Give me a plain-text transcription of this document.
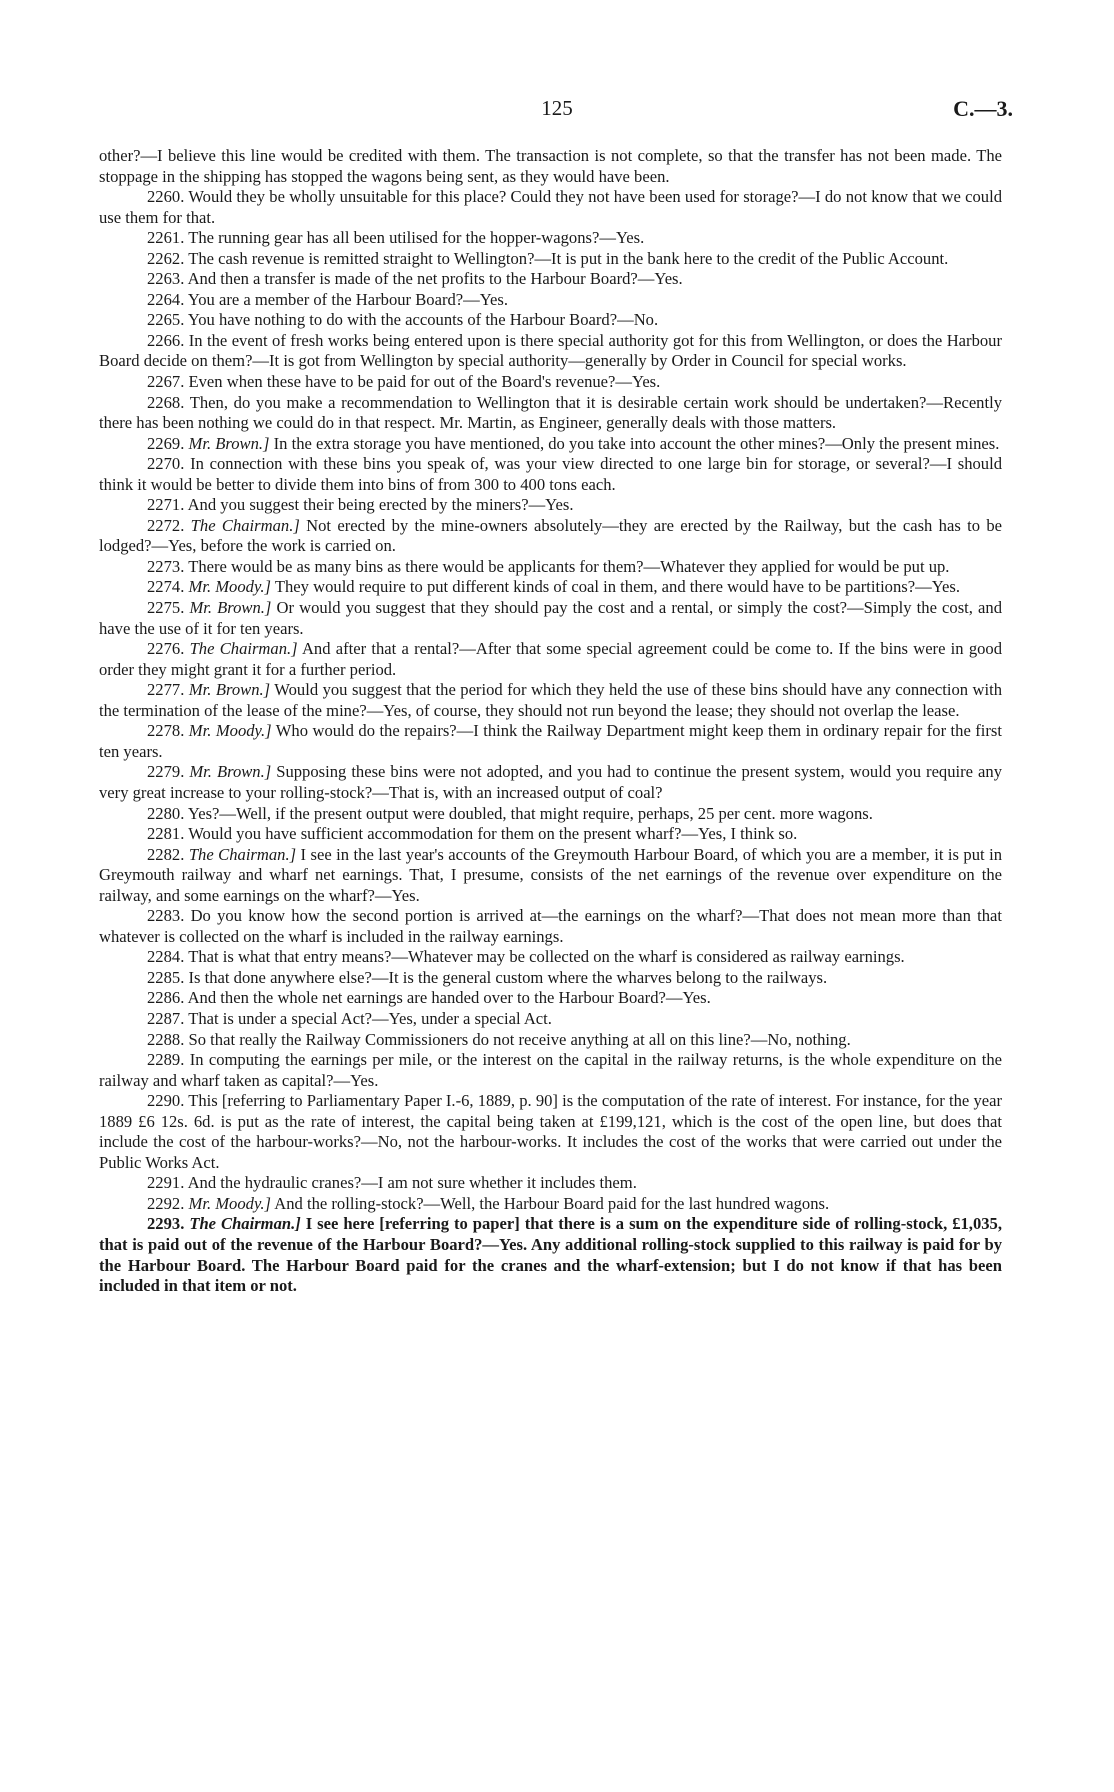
125	C.—3.

other?—I believe this line would be credited with them. The transaction is not complete, so that the transfer has not been made. The stoppage in the shipping has stopped the wagons being sent, as they would have been.

2260. Would they be wholly unsuitable for this place? Could they not have been used for storage?—I do not know that we could use them for that.

2261. The running gear has all been utilised for the hopper-wagons?—Yes.

2262. The cash revenue is remitted straight to Wellington?—It is put in the bank here to the credit of the Public Account.

2263. And then a transfer is made of the net profits to the Harbour Board?—Yes.

2264. You are a member of the Harbour Board?—Yes.

2265. You have nothing to do with the accounts of the Harbour Board?—No.

2266. In the event of fresh works being entered upon is there special authority got for this from Wellington, or does the Harbour Board decide on them?—It is got from Wellington by special authority—generally by Order in Council for special works.

2267. Even when these have to be paid for out of the Board's revenue?—Yes.

2268. Then, do you make a recommendation to Wellington that it is desirable certain work should be undertaken?—Recently there has been nothing we could do in that respect. Mr. Martin, as Engineer, generally deals with those matters.

2269. Mr. Brown.] In the extra storage you have mentioned, do you take into account the other mines?—Only the present mines.

2270. In connection with these bins you speak of, was your view directed to one large bin for storage, or several?—I should think it would be better to divide them into bins of from 300 to 400 tons each.

2271. And you suggest their being erected by the miners?—Yes.

2272. The Chairman.] Not erected by the mine-owners absolutely—they are erected by the Railway, but the cash has to be lodged?—Yes, before the work is carried on.

2273. There would be as many bins as there would be applicants for them?—Whatever they applied for would be put up.

2274. Mr. Moody.] They would require to put different kinds of coal in them, and there would have to be partitions?—Yes.

2275. Mr. Brown.] Or would you suggest that they should pay the cost and a rental, or simply the cost?—Simply the cost, and have the use of it for ten years.

2276. The Chairman.] And after that a rental?—After that some special agreement could be come to. If the bins were in good order they might grant it for a further period.

2277. Mr. Brown.] Would you suggest that the period for which they held the use of these bins should have any connection with the termination of the lease of the mine?—Yes, of course, they should not run beyond the lease; they should not overlap the lease.

2278. Mr. Moody.] Who would do the repairs?—I think the Railway Department might keep them in ordinary repair for the first ten years.

2279. Mr. Brown.] Supposing these bins were not adopted, and you had to continue the present system, would you require any very great increase to your rolling-stock?—That is, with an increased output of coal?

2280. Yes?—Well, if the present output were doubled, that might require, perhaps, 25 per cent. more wagons.

2281. Would you have sufficient accommodation for them on the present wharf?—Yes, I think so.

2282. The Chairman.] I see in the last year's accounts of the Greymouth Harbour Board, of which you are a member, it is put in Greymouth railway and wharf net earnings. That, I presume, consists of the net earnings of the revenue over expenditure on the railway, and some earnings on the wharf?—Yes.

2283. Do you know how the second portion is arrived at—the earnings on the wharf?—That does not mean more than that whatever is collected on the wharf is included in the railway earnings.

2284. That is what that entry means?—Whatever may be collected on the wharf is considered as railway earnings.

2285. Is that done anywhere else?—It is the general custom where the wharves belong to the railways.

2286. And then the whole net earnings are handed over to the Harbour Board?—Yes.

2287. That is under a special Act?—Yes, under a special Act.

2288. So that really the Railway Commissioners do not receive anything at all on this line?—No, nothing.

2289. In computing the earnings per mile, or the interest on the capital in the railway returns, is the whole expenditure on the railway and wharf taken as capital?—Yes.

2290. This [referring to Parliamentary Paper I.-6, 1889, p. 90] is the computation of the rate of interest. For instance, for the year 1889 £6 12s. 6d. is put as the rate of interest, the capital being taken at £199,121, which is the cost of the open line, but does that include the cost of the harbour-works?—No, not the harbour-works. It includes the cost of the works that were carried out under the Public Works Act.

2291. And the hydraulic cranes?—I am not sure whether it includes them.

2292. Mr. Moody.] And the rolling-stock?—Well, the Harbour Board paid for the last hundred wagons.

2293. The Chairman.] I see here [referring to paper] that there is a sum on the expenditure side of rolling-stock, £1,035, that is paid out of the revenue of the Harbour Board?—Yes. Any additional rolling-stock supplied to this railway is paid for by the Harbour Board. The Harbour Board paid for the cranes and the wharf-extension; but I do not know if that has been included in that item or not.
